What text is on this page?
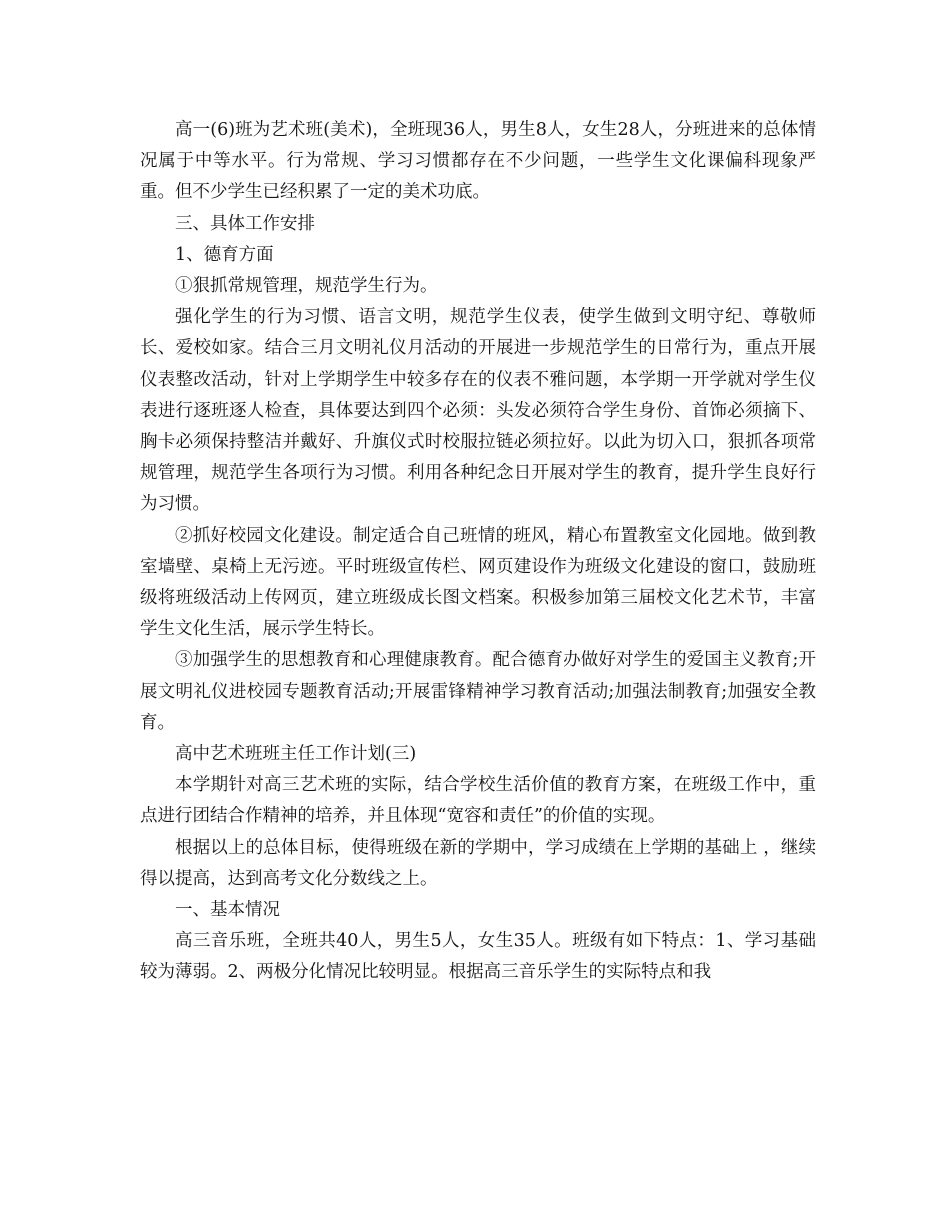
高一(6)班为艺术班(美术)，全班现36人，男生8人，女生28人，分班进来的总体情况属于中等水平。行为常规、学习习惯都存在不少问题，一些学生文化课偏科现象严重。但不少学生已经积累了一定的美术功底。

三、具体工作安排

1、德育方面

①狠抓常规管理，规范学生行为。

强化学生的行为习惯、语言文明，规范学生仪表，使学生做到文明守纪、尊敬师长、爱校如家。结合三月文明礼仪月活动的开展进一步规范学生的日常行为，重点开展仪表整改活动，针对上学期学生中较多存在的仪表不雅问题，本学期一开学就对学生仪表进行逐班逐人检查，具体要达到四个必须：头发必须符合学生身份、首饰必须摘下、胸卡必须保持整洁并戴好、升旗仪式时校服拉链必须拉好。以此为切入口，狠抓各项常规管理，规范学生各项行为习惯。利用各种纪念日开展对学生的教育，提升学生良好行为习惯。

②抓好校园文化建设。制定适合自己班情的班风，精心布置教室文化园地。做到教室墙壁、桌椅上无污迹。平时班级宣传栏、网页建设作为班级文化建设的窗口，鼓励班级将班级活动上传网页，建立班级成长图文档案。积极参加第三届校文化艺术节，丰富学生文化生活，展示学生特长。

③加强学生的思想教育和心理健康教育。配合德育办做好对学生的爱国主义教育;开展文明礼仪进校园专题教育活动;开展雷锋精神学习教育活动;加强法制教育;加强安全教育。

高中艺术班班主任工作计划(三)

本学期针对高三艺术班的实际，结合学校生活价值的教育方案，在班级工作中，重点进行团结合作精神的培养，并且体现“宽容和责任”的价值的实现。

根据以上的总体目标，使得班级在新的学期中，学习成绩在上学期的基础上 ，继续得以提高，达到高考文化分数线之上。

一、基本情况

高三音乐班，全班共40人，男生5人，女生35人。班级有如下特点：1、学习基础较为薄弱。2、两极分化情况比较明显。根据高三音乐学生的实际特点和我
